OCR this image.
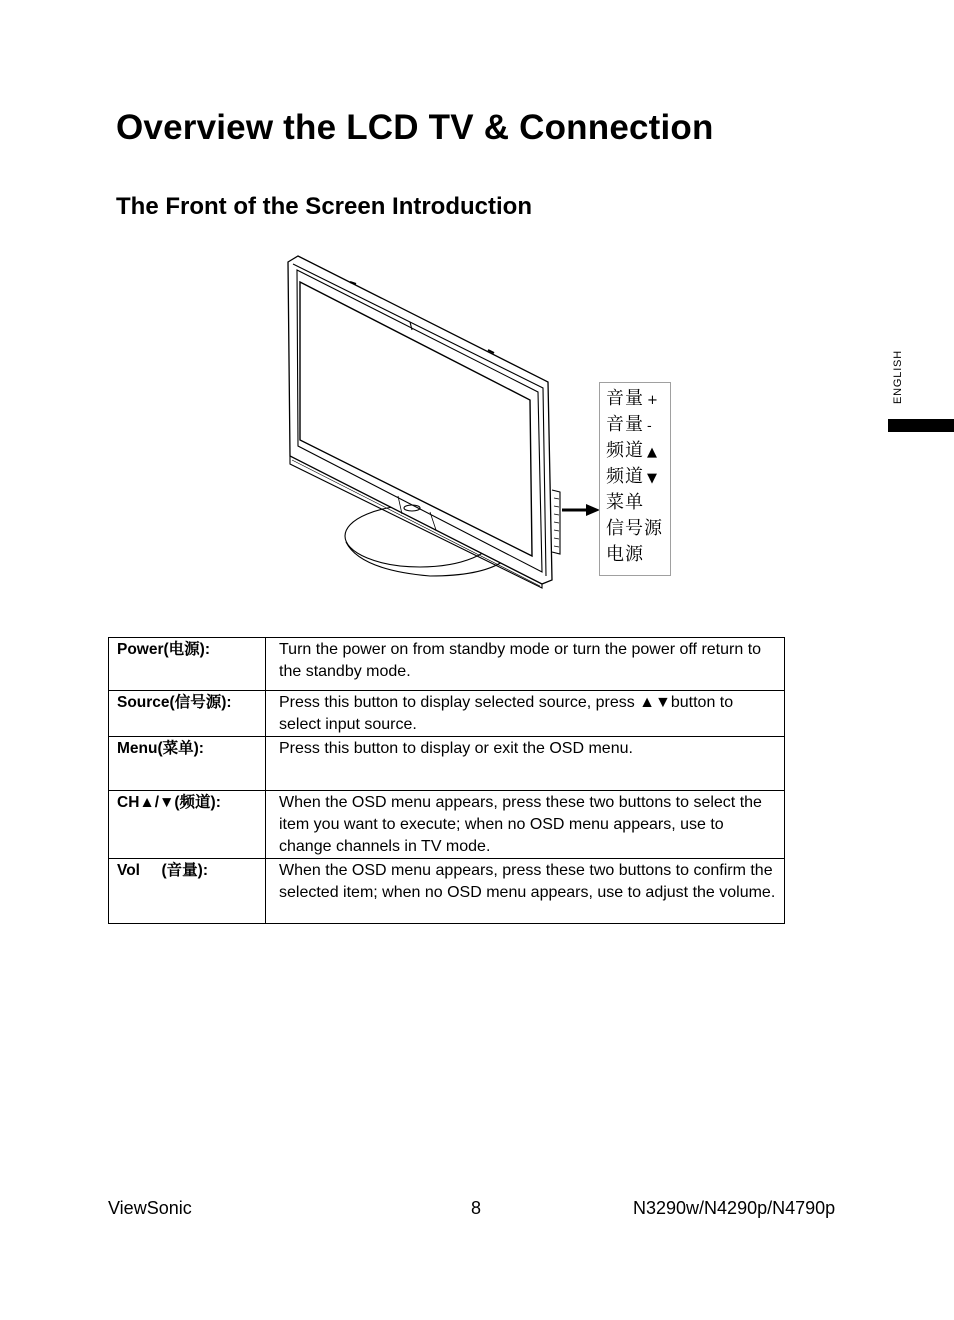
Overview the LCD TV & Connection
The Front of the Screen Introduction
ENGLISH
音量 +
音量 -
频道 ▲
频道 ▼
菜单
信号源
电源
Power(电源):	Turn the power on from standby mode or turn the power off return to the standby mode.
Source(信号源):	Press this button to display selected source, press ▲▼button to select input source.
Menu(菜单):	Press this button to display or exit the OSD menu.
CH▲/▼(频道):	When the OSD menu appears, press these two buttons to select the item you want to execute; when no OSD menu appears, use to change channels in TV mode.
Vol     (音量):	When the OSD menu appears, press these two buttons to confirm the selected item; when no OSD menu appears, use to adjust the volume.
ViewSonic	8	N3290w/N4290p/N4790p
